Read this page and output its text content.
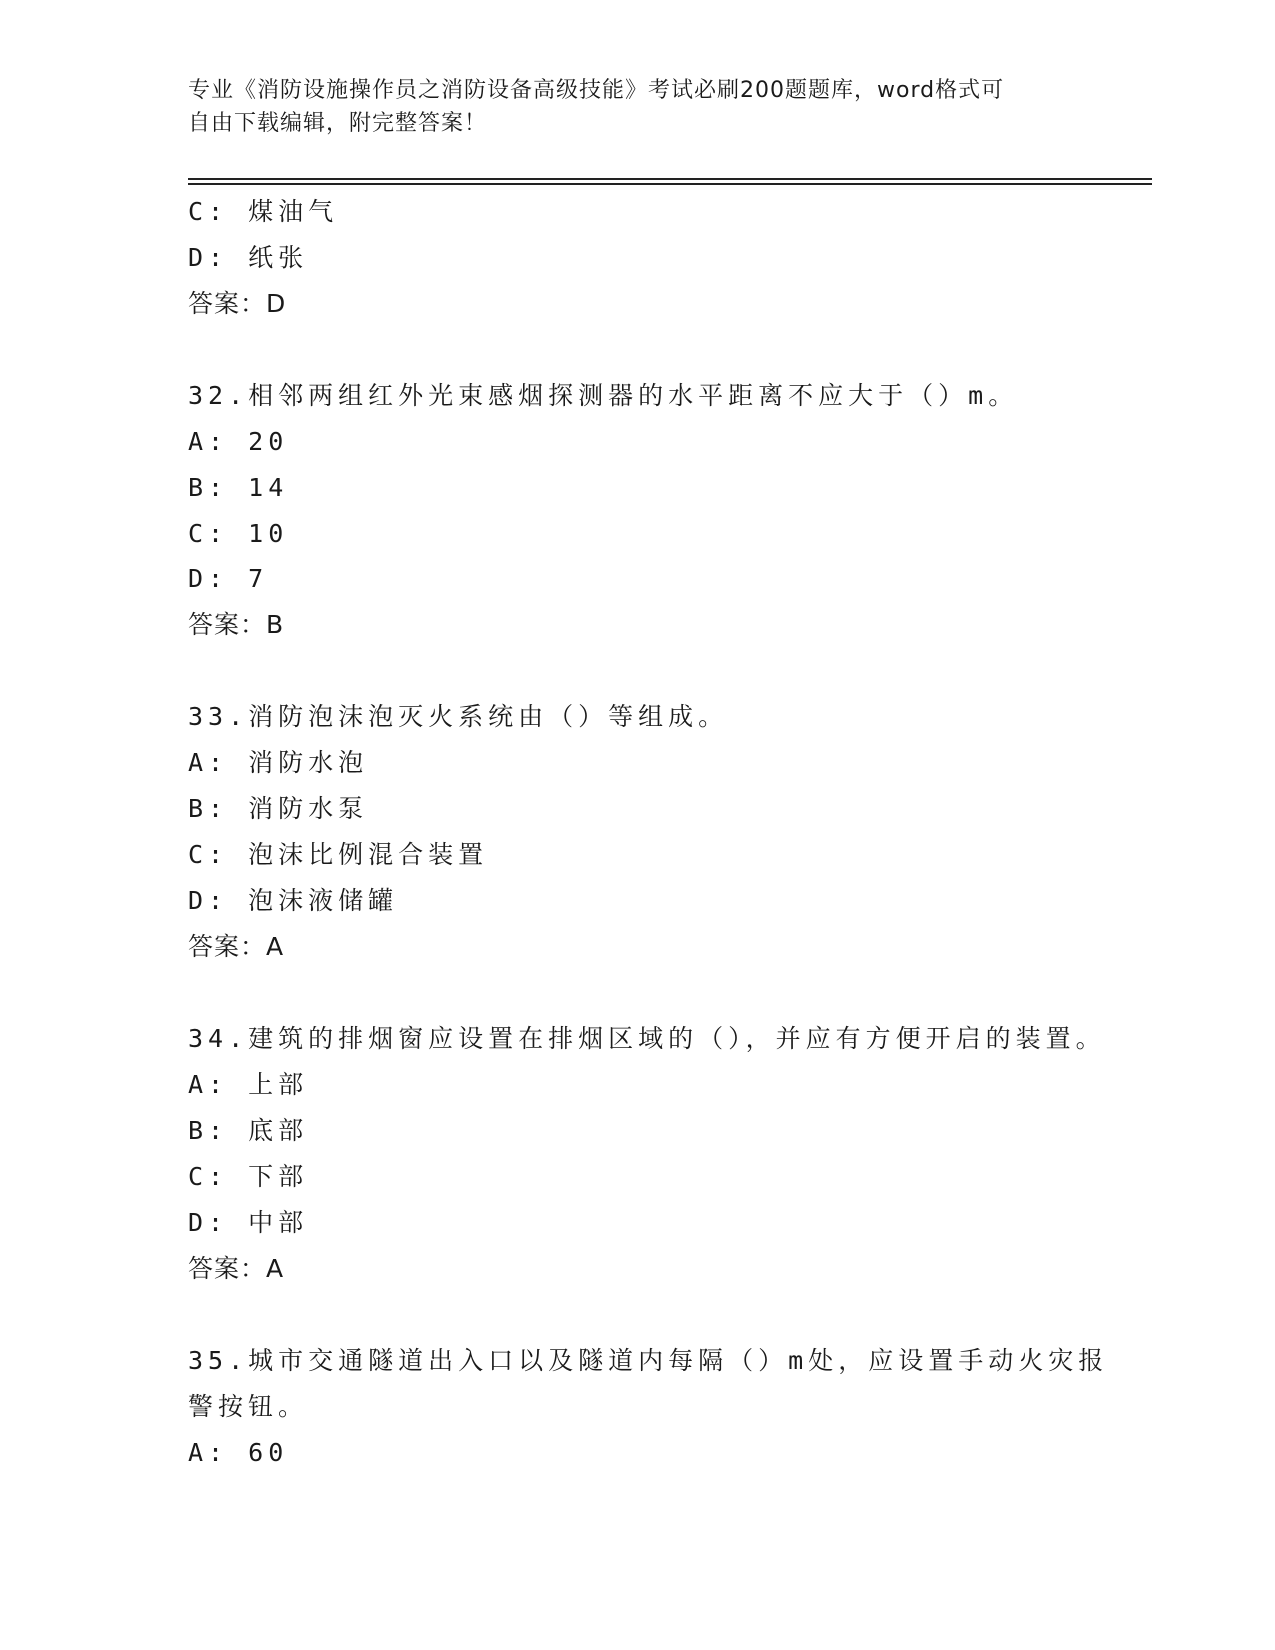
专业《消防设施操作员之消防设备高级技能》考试必刷200题题库，word格式可
自由下载编辑，附完整答案！
C: 煤油气
D: 纸张
答案：D
32.相邻两组红外光束感烟探测器的水平距离不应大于（）m。
A: 20
B: 14
C: 10
D: 7
答案：B
33.消防泡沫泡灭火系统由（）等组成。
A: 消防水泡
B: 消防水泵
C: 泡沫比例混合装置
D: 泡沫液储罐
答案：A
34.建筑的排烟窗应设置在排烟区域的（），并应有方便开启的装置。
A: 上部
B: 底部
C: 下部
D: 中部
答案：A
35.城市交通隧道出入口以及隧道内每隔（）m处，应设置手动火灾报
警按钮。
A: 60
